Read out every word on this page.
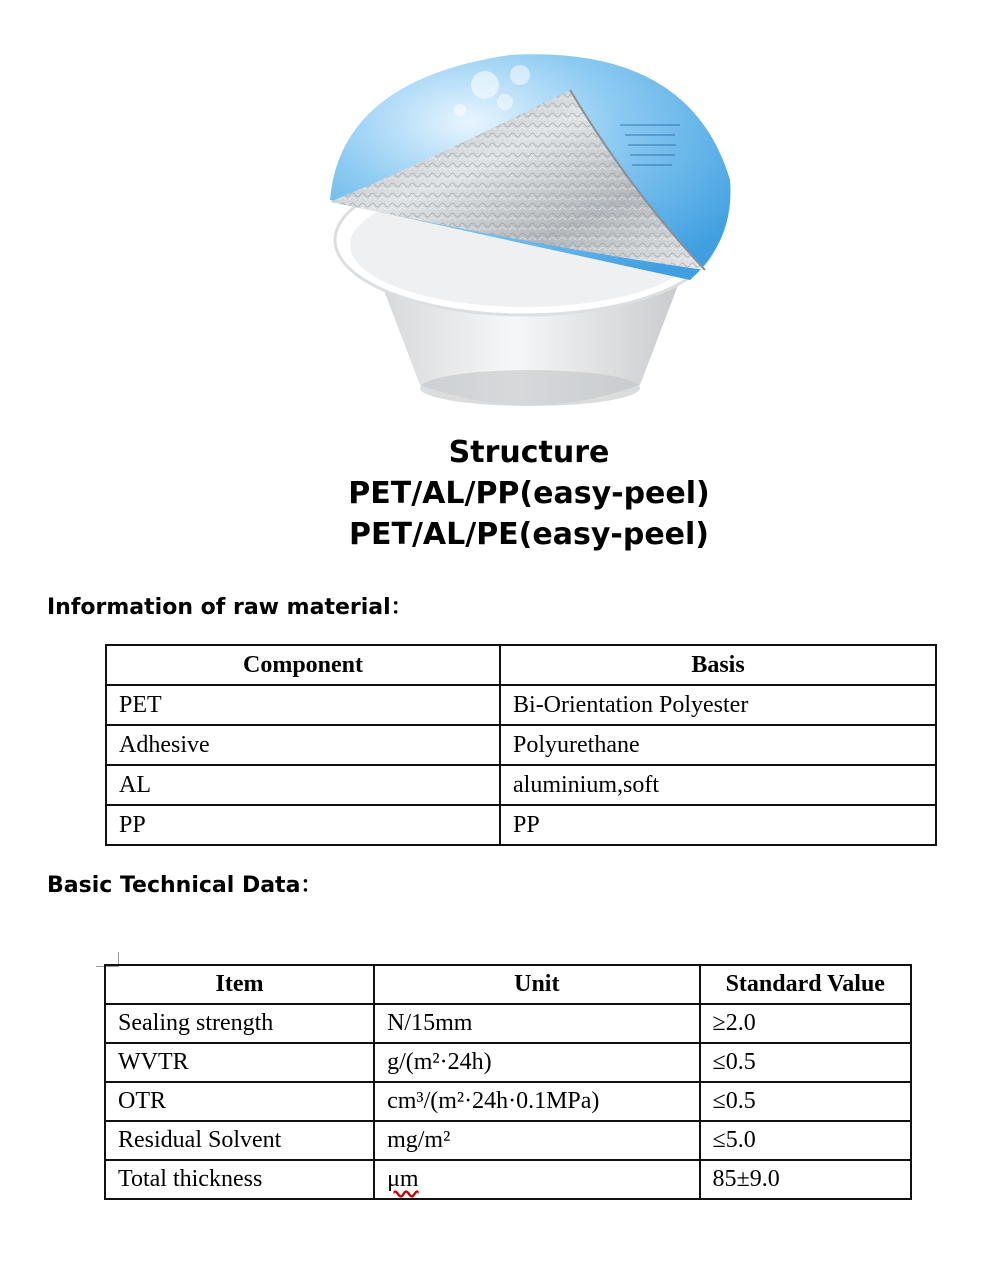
Structure
PET/AL/PP(easy-peel)
PET/AL/PE(easy-peel)
Information of raw material：
Component	Basis
PET	Bi-Orientation Polyester
Adhesive	Polyurethane
AL	aluminium,soft
PP	PP
Basic Technical Data：
Item	Unit	Standard Value
Sealing strength	N/15mm	≥2.0
WVTR	g/(m²·24h)	≤0.5
OTR	cm³/(m²·24h·0.1MPa)	≤0.5
Residual Solvent	mg/m²	≤5.0
Total thickness	μm	85±9.0
